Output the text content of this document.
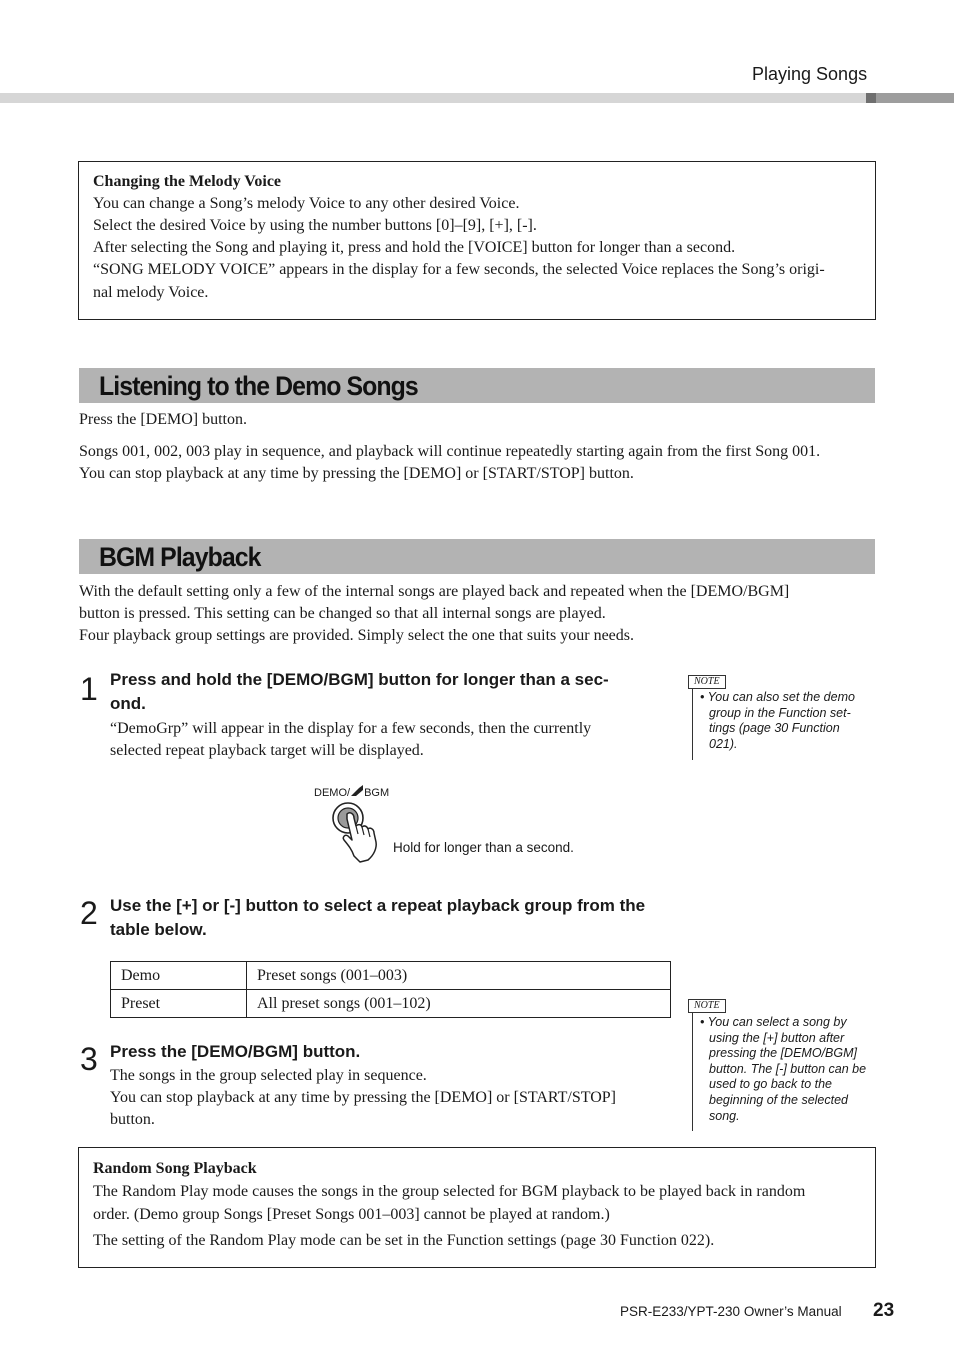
Playing Songs

Changing the Melody Voice

You can change a Song’s melody Voice to any other desired Voice.

Select the desired Voice by using the number buttons [0]–[9], [+], [-].

After selecting the Song and playing it, press and hold the [VOICE] button for longer than a second.

“SONG MELODY VOICE” appears in the display for a few seconds, the selected Voice replaces the Song’s origi-

nal melody Voice.

Listening to the Demo Songs

Press the [DEMO] button.

Songs 001, 002, 003 play in sequence, and playback will continue repeatedly starting again from the first Song 001.

You can stop playback at any time by pressing the [DEMO] or [START/STOP] button.

BGM Playback

With the default setting only a few of the internal songs are played back and repeated when the [DEMO/BGM]

button is pressed. This setting can be changed so that all internal songs are played.

Four playback group settings are provided. Simply select the one that suits your needs.

1 Press and hold the [DEMO/BGM] button for longer than a sec-

ond.

“DemoGrp” will appear in the display for a few seconds, then the currently

selected repeat playback target will be displayed.

NOTE

• You can also set the demo

group in the Function set-

tings (page 30 Function

021).

DEMO/ BGM
Hold for longer than a second.
2 Use the [+] or [-] button to select a repeat playback group from the

table below.

Demo	Preset songs (001–003)
Preset	All preset songs (001–102)	NOTE

• You can select a song by

using the [+] button after

pressing the [DEMO/BGM]

button. The [-] button can be

used to go back to the

beginning of the selected

song.

3 Press the [DEMO/BGM] button.

The songs in the group selected play in sequence.

You can stop playback at any time by pressing the [DEMO] or [START/STOP]

button.

Random Song Playback

The Random Play mode causes the songs in the group selected for BGM playback to be played back in random

order. (Demo group Songs [Preset Songs 001–003] cannot be played at random.)

The setting of the Random Play mode can be set in the Function settings (page 30 Function 022).

PSR-E233/YPT-230 Owner’s Manual 23
